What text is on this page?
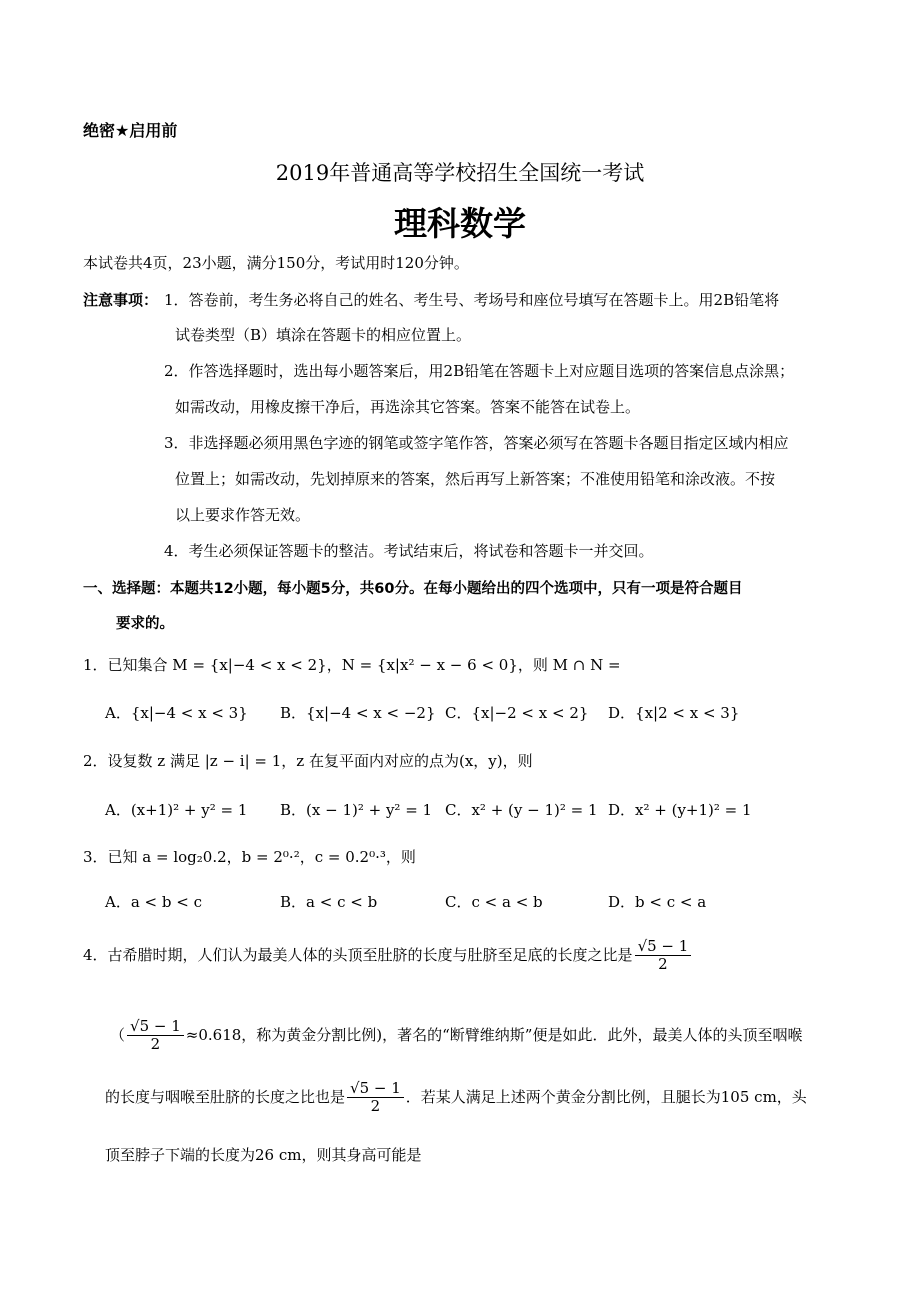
绝密★启用前
2019年普通高等学校招生全国统一考试
理科数学
本试卷共4页，23小题，满分150分，考试用时120分钟。
注意事项： 1．答卷前，考生务必将自己的姓名、考生号、考场号和座位号填写在答题卡上。用2B铅笔将
试卷类型（B）填涂在答题卡的相应位置上。
2．作答选择题时，选出每小题答案后，用2B铅笔在答题卡上对应题目选项的答案信息点涂黑；
如需改动，用橡皮擦干净后，再选涂其它答案。答案不能答在试卷上。
3．非选择题必须用黑色字迹的钢笔或签字笔作答，答案必须写在答题卡各题目指定区域内相应
位置上；如需改动，先划掉原来的答案，然后再写上新答案；不准使用铅笔和涂改液。不按
以上要求作答无效。
4．考生必须保证答题卡的整洁。考试结束后，将试卷和答题卡一并交回。
一、选择题：本题共12小题，每小题5分，共60分。在每小题给出的四个选项中，只有一项是符合题目
要求的。
1．已知集合 M = {x|−4 < x < 2}，N = {x|x² − x − 6 < 0}，则 M ∩ N =
A．{x|−4 < x < 3} B．{x|−4 < x < −2} C．{x|−2 < x < 2} D．{x|2 < x < 3}
2．设复数 z 满足 |z − i| = 1，z 在复平面内对应的点为(x，y)，则
A．(x+1)² + y² = 1 B．(x − 1)² + y² = 1 C．x² + (y − 1)² = 1 D．x² + (y+1)² = 1
3．已知 a = log₂0.2，b = 2⁰·²，c = 0.2⁰·³，则
A．a < b < c	B．a < c < b	C．c < a < b	D．b < c < a
4．古希腊时期，人们认为最美人体的头顶至肚脐的长度与肚脐至足底的长度之比是 $\frac{√5 - 1}{2}$
（ $\frac{√5 - 1}{2} \approx 0.618$，称为黄金分割比例)，著名的“断臂维纳斯”便是如此．此外，最美人体的头顶至咽喉
的长度与咽喉至肚脐的长度之比也是 $\frac{√5 - 1}{2}$ ．若某人满足上述两个黄金分割比例，且腿长为105 cm，头
顶至脖子下端的长度为26 cm，则其身高可能是
